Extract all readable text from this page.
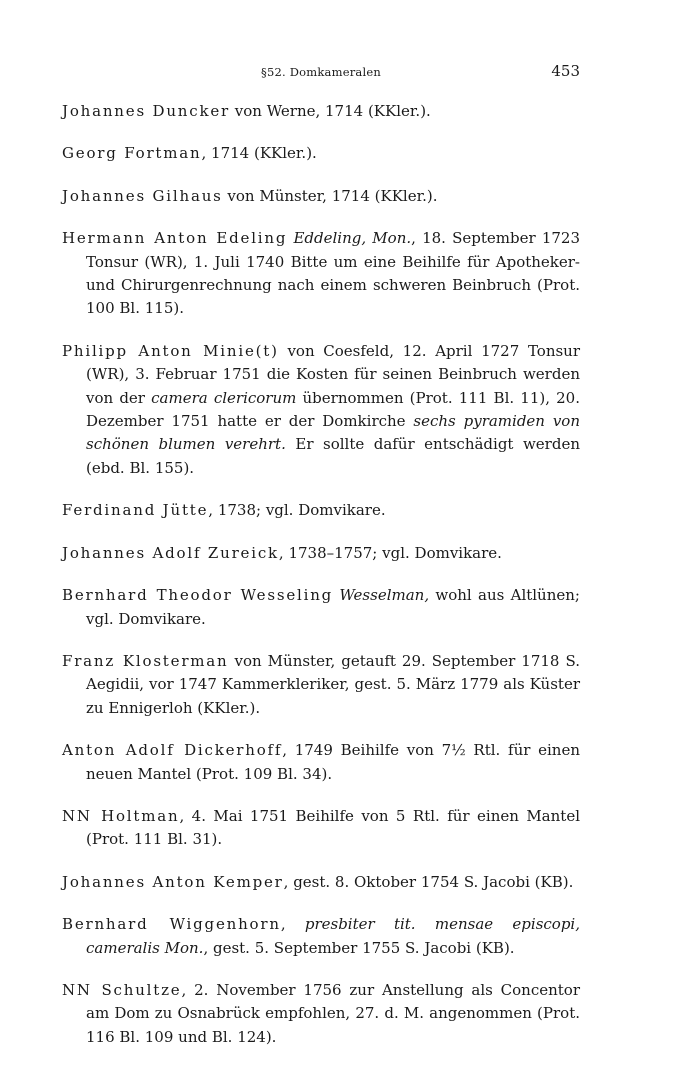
§52. Domkameralen	453

Johannes Duncker von Werne, 1714 (KKler.).

Georg Fortman, 1714 (KKler.).

Johannes Gilhaus von Münster, 1714 (KKler.).

Hermann Anton Edeling Eddeling, Mon., 18. September 1723 Tonsur (WR), 1. Juli 1740 Bitte um eine Beihilfe für Apotheker- und Chirurgenrechnung nach einem schweren Beinbruch (Prot. 100 Bl. 115).

Philipp Anton Minie(t) von Coesfeld, 12. April 1727 Tonsur (WR), 3. Februar 1751 die Kosten für seinen Beinbruch werden von der camera clericorum übernommen (Prot. 111 Bl. 11), 20. Dezember 1751 hatte er der Domkirche sechs pyramiden von schönen blumen verehrt. Er sollte dafür entschädigt werden (ebd. Bl. 155).

Ferdinand Jütte, 1738; vgl. Domvikare.

Johannes Adolf Zureick, 1738–1757; vgl. Domvikare.

Bernhard Theodor Wesseling Wesselman, wohl aus Altlünen; vgl. Domvikare.

Franz Klosterman von Münster, getauft 29. September 1718 S. Aegidii, vor 1747 Kammerkleriker, gest. 5. März 1779 als Küster zu Ennigerloh (KKler.).

Anton Adolf Dickerhoff, 1749 Beihilfe von 7½ Rtl. für einen neuen Mantel (Prot. 109 Bl. 34).

NN Holtman, 4. Mai 1751 Beihilfe von 5 Rtl. für einen Mantel (Prot. 111 Bl. 31).

Johannes Anton Kemper, gest. 8. Oktober 1754 S. Jacobi (KB).

Bernhard Wiggenhorn, presbiter tit. mensae episcopi, cameralis Mon., gest. 5. September 1755 S. Jacobi (KB).

NN Schultze, 2. November 1756 zur Anstellung als Concentor am Dom zu Osnabrück empfohlen, 27. d. M. angenommen (Prot. 116 Bl. 109 und Bl. 124).
